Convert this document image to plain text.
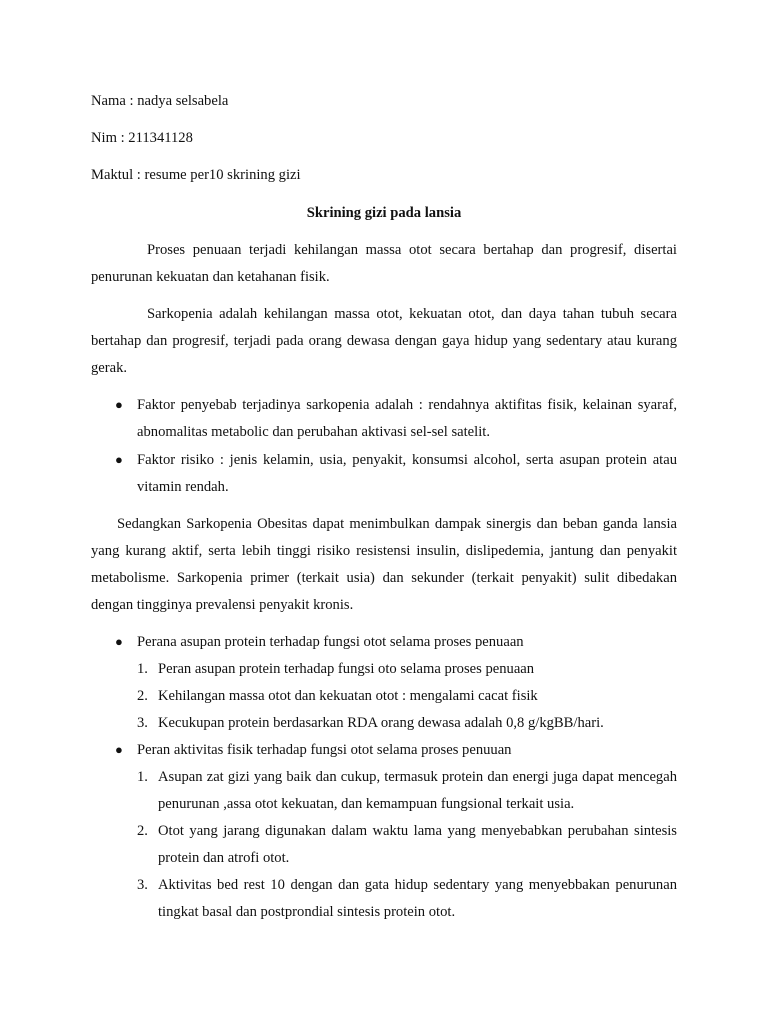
Nama : nadya selsabela
Nim : 211341128
Maktul : resume per10 skrining gizi
Skrining gizi pada lansia
Proses penuaan terjadi kehilangan massa otot secara bertahap dan progresif, disertai
penurunan kekuatan dan ketahanan fisik.
Sarkopenia adalah kehilangan massa otot, kekuatan otot, dan daya tahan tubuh secara
bertahap dan progresif, terjadi pada orang dewasa dengan gaya hidup yang sedentary atau kurang
gerak.
● Faktor penyebab terjadinya sarkopenia adalah : rendahnya aktifitas fisik, kelainan syaraf,
abnomalitas metabolic dan perubahan aktivasi sel-sel satelit.
● Faktor risiko : jenis kelamin, usia, penyakit, konsumsi alcohol, serta asupan protein atau
vitamin rendah.
Sedangkan Sarkopenia Obesitas dapat menimbulkan dampak sinergis dan beban ganda lansia
yang kurang aktif, serta lebih tinggi risiko resistensi insulin, dislipedemia, jantung dan penyakit
metabolisme. Sarkopenia primer (terkait usia) dan sekunder (terkait penyakit) sulit dibedakan
dengan tingginya prevalensi penyakit kronis.
● Perana asupan protein terhadap fungsi otot selama proses penuaan
1. Peran asupan protein terhadap fungsi oto selama proses penuaan
2. Kehilangan massa otot dan kekuatan otot : mengalami cacat fisik
3. Kecukupan protein berdasarkan RDA orang dewasa adalah 0,8 g/kgBB/hari.
● Peran aktivitas fisik terhadap fungsi otot selama proses penuuan
1. Asupan zat gizi yang baik dan cukup, termasuk protein dan energi juga dapat mencegah
penurunan ,assa otot kekuatan, dan kemampuan fungsional terkait usia.
2. Otot yang jarang digunakan dalam waktu lama yang menyebabkan perubahan sintesis
protein dan atrofi otot.
3. Aktivitas bed rest 10 dengan dan gata hidup sedentary yang menyebbakan penurunan
tingkat basal dan postprondial sintesis protein otot.
